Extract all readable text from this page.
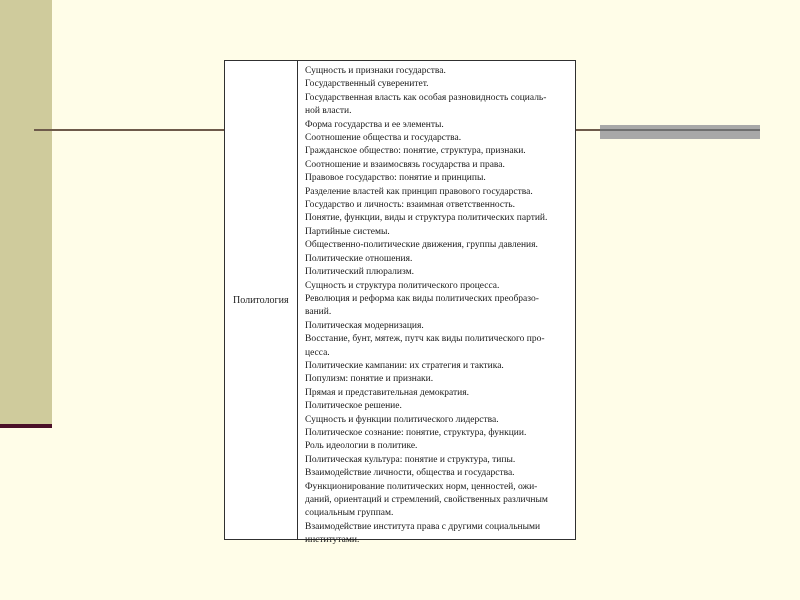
Политология
Сущность и признаки государства.
Государственный суверенитет.
Государственная власть как особая разновидность социаль-
ной власти.
Форма государства и ее элементы.
Соотношение общества и государства.
Гражданское общество: понятие, структура, признаки.
Соотношение и взаимосвязь государства и права.
Правовое государство: понятие и принципы.
Разделение властей как принцип правового государства.
Государство и личность: взаимная ответственность.
Понятие, функции, виды и структура политических партий.
Партийные системы.
Общественно-политические движения, группы давления.
Политические отношения.
Политический плюрализм.
Сущность и структура политического процесса.
Революция и реформа как виды политических преобразо-
ваний.
Политическая модернизация.
Восстание, бунт, мятеж, путч как виды политического про-
цесса.
Политические кампании: их стратегия и тактика.
Популизм: понятие и признаки.
Прямая и представительная демократия.
Политическое решение.
Сущность и функции политического лидерства.
Политическое сознание: понятие, структура, функции.
Роль идеологии в политике.
Политическая культура: понятие и структура, типы.
Взаимодействие личности, общества и государства.
Функционирование политических норм, ценностей, ожи-
даний, ориентаций и стремлений, свойственных различным
социальным группам.
Взаимодействие института права с другими социальными
институтами.
